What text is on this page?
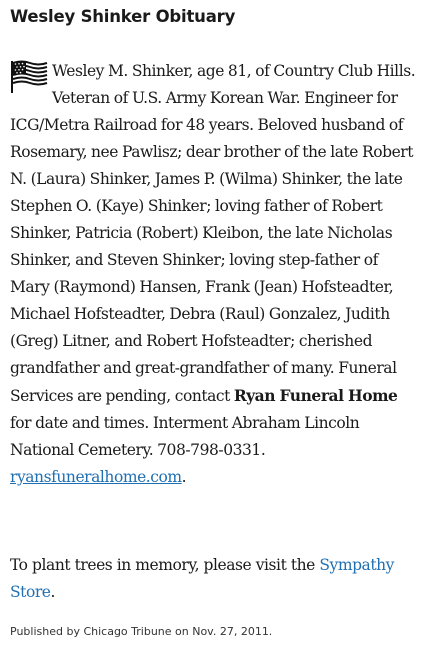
Wesley Shinker Obituary

Wesley M. Shinker, age 81, of Country Club Hills. Veteran of U.S. Army Korean War. Engineer for ICG/Metra Railroad for 48 years. Beloved husband of Rosemary, nee Pawlisz; dear brother of the late Robert N. (Laura) Shinker, James P. (Wilma) Shinker, the late Stephen O. (Kaye) Shinker; loving father of Robert Shinker, Patricia (Robert) Kleibon, the late Nicholas Shinker, and Steven Shinker; loving step-father of Mary (Raymond) Hansen, Frank (Jean) Hofsteadter, Michael Hofsteadter, Debra (Raul) Gonzalez, Judith (Greg) Litner, and Robert Hofsteadter; cherished grandfather and great-grandfather of many. Funeral Services are pending, contact Ryan Funeral Home for date and times. Interment Abraham Lincoln National Cemetery. 708-798-0331. ryansfuneralhome.com.

To plant trees in memory, please visit the Sympathy Store.

Published by Chicago Tribune on Nov. 27, 2011.
